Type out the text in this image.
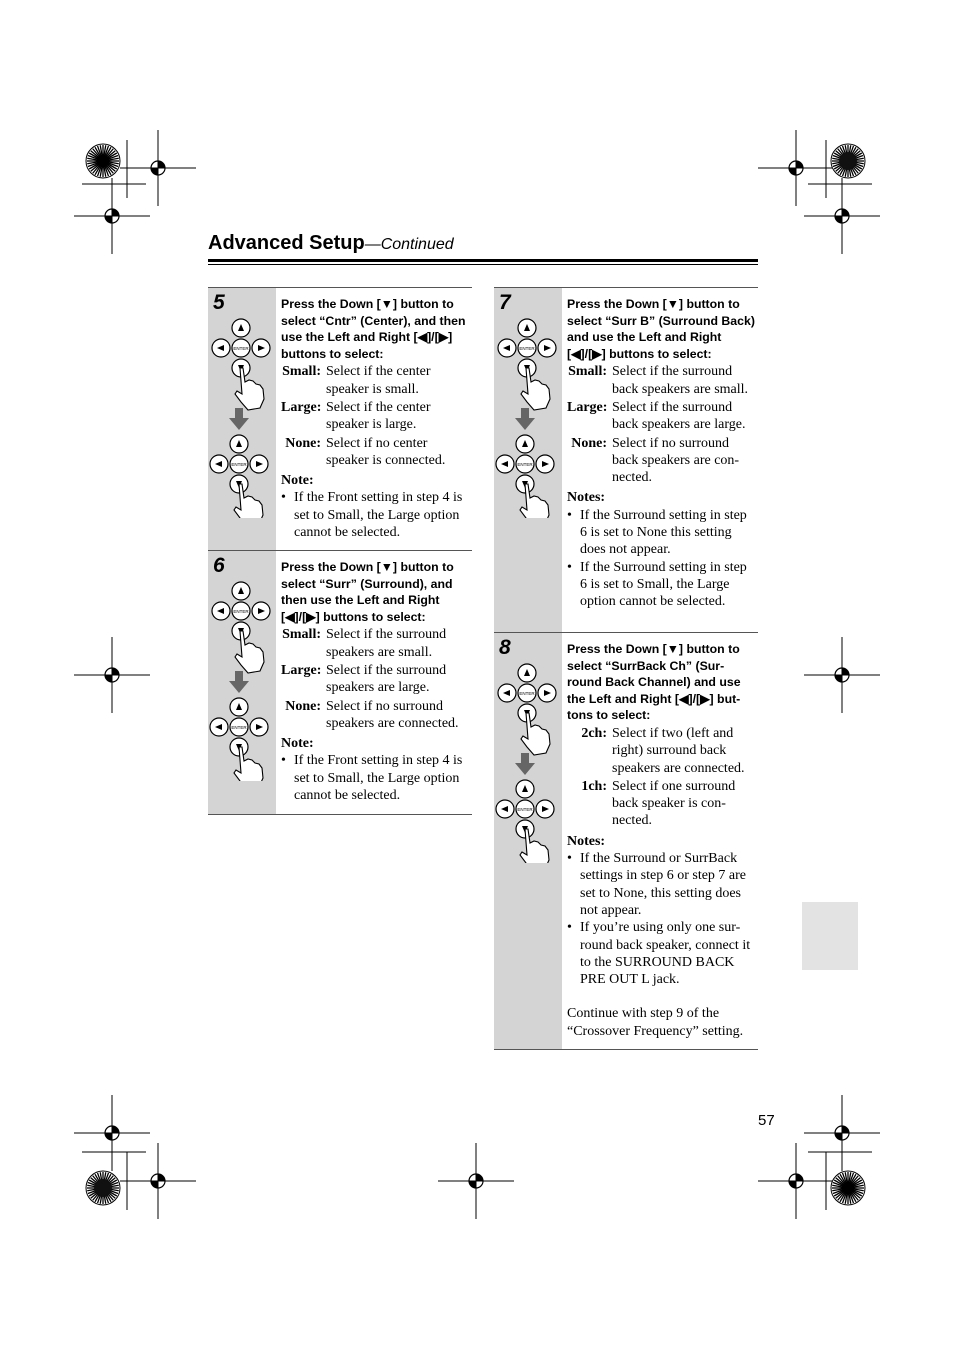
Advanced Setup—Continued
5
ENTER
ENTER
Press the Down [▼] button to select “Cntr” (Center), and then use the Left and Right [◀]/[▶] buttons to select:
Small: Select if the center speaker is small.
Large: Select if the center speaker is large.
None: Select if no center speaker is connected.
Note:
• If the Front setting in step 4 is set to Small, the Large option cannot be selected.
6
ENTER
ENTER
Press the Down [▼] button to select “Surr” (Surround), and then use the Left and Right [◀]/[▶] buttons to select:
Small: Select if the surround speakers are small.
Large: Select if the surround speakers are large.
None: Select if no surround speakers are connected.
Note:
• If the Front setting in step 4 is set to Small, the Large option cannot be selected.
7
ENTER
ENTER
Press the Down [▼] button to select “Surr B” (Surround Back) and use the Left and Right [◀]/[▶] buttons to select:
Small: Select if the surround back speakers are small.
Large: Select if the surround back speakers are large.
None: Select if no surround back speakers are con-nected.
Notes:
• If the Surround setting in step 6 is set to None this setting does not appear.
• If the Surround setting in step 6 is set to Small, the Large option cannot be selected.
8
ENTER
ENTER
Press the Down [▼] button to select “SurrBack Ch” (Sur-round Back Channel) and use the Left and Right [◀]/[▶] but-tons to select:
2ch: Select if two (left and right) surround back speakers are connected.
1ch: Select if one surround back speaker is con-nected.
Notes:
• If the Surround or SurrBack settings in step 6 or step 7 are set to None, this setting does not appear.
• If you’re using only one sur-round back speaker, connect it to the SURROUND BACK PRE OUT L jack.
Continue with step 9 of the “Crossover Frequency” setting.
57
